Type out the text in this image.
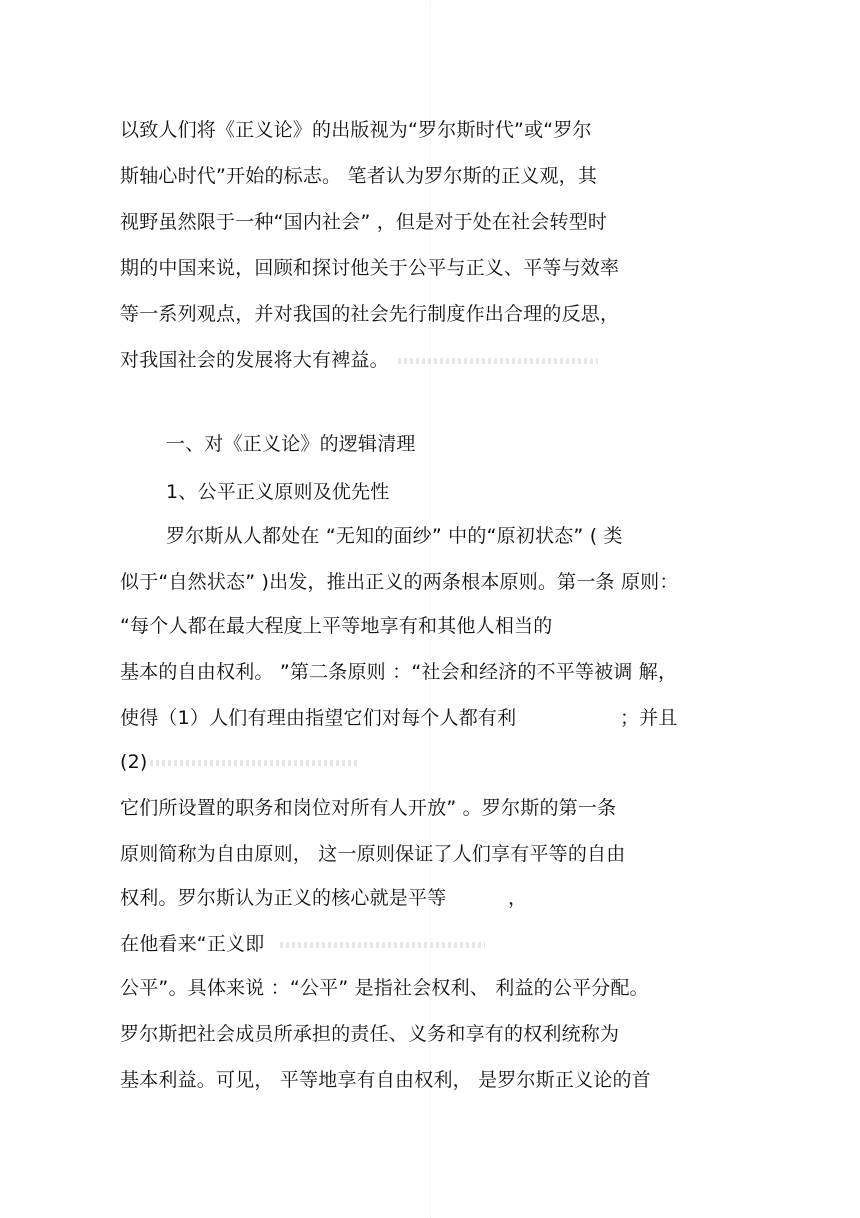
以致人们将《正义论》的出版视为“罗尔斯时代”或“罗尔
斯轴心时代”开始的标志。 笔者认为罗尔斯的正义观，其
视野虽然限于一种“国内社会” ，但是对于处在社会转型时
期的中国来说，回顾和探讨他关于公平与正义、平等与效率
等一系列观点，并对我国的社会先行制度作出合理的反思，
对我国社会的发展将大有裨益。
一、对《正义论》的逻辑清理
1、公平正义原则及优先性
罗尔斯从人都处在 “无知的面纱” 中的“原初状态” ( 类
似于“自然状态” )出发，推出正义的两条根本原则。第一条 原则：
“每个人都在最大程度上平等地享有和其他人相当的
基本的自由权利。 ”第二条原则 ：“社会和经济的不平等被调 解，
使得（1）人们有理由指望它们对每个人都有利	；并且
(2)
它们所设置的职务和岗位对所有人开放” 。罗尔斯的第一条
原则简称为自由原则， 这一原则保证了人们享有平等的自由
权利。罗尔斯认为正义的核心就是平等	，
在他看来“正义即
公平”。具体来说 ：“公平” 是指社会权利、 利益的公平分配。
罗尔斯把社会成员所承担的责任、义务和享有的权利统称为
基本利益。可见， 平等地享有自由权利， 是罗尔斯正义论的首
